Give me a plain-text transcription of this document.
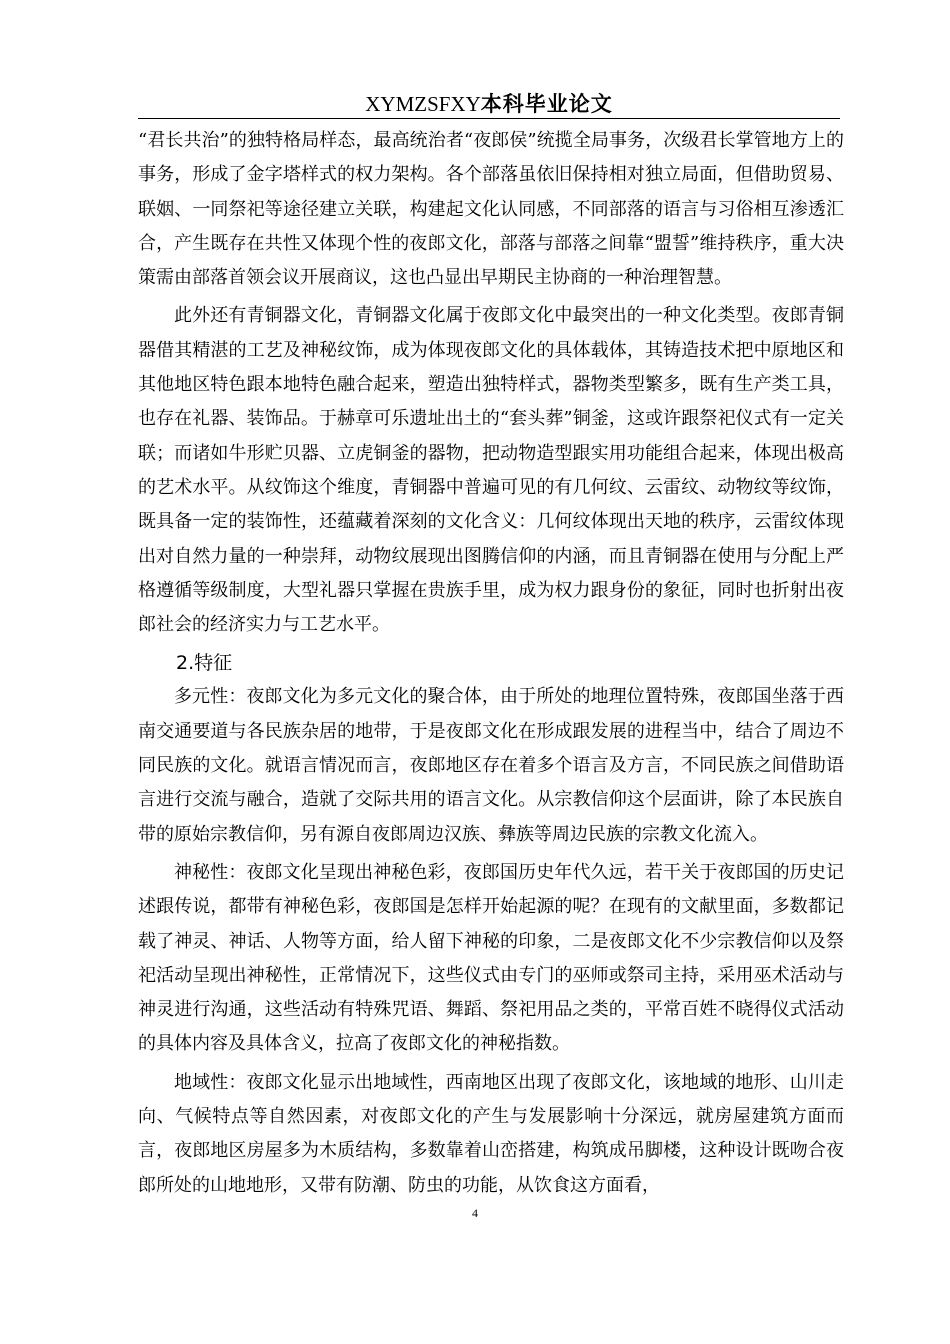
XYMZSFXY本科毕业论文

“君长共治”的独特格局样态，最高统治者“夜郎侯”统揽全局事务，次级君长掌管地方上的事务，形成了金字塔样式的权力架构。各个部落虽依旧保持相对独立局面，但借助贸易、联姻、一同祭祀等途径建立关联，构建起文化认同感，不同部落的语言与习俗相互渗透汇合，产生既存在共性又体现个性的夜郎文化，部落与部落之间靠“盟誓”维持秩序，重大决策需由部落首领会议开展商议，这也凸显出早期民主协商的一种治理智慧。

此外还有青铜器文化，青铜器文化属于夜郎文化中最突出的一种文化类型。夜郎青铜器借其精湛的工艺及神秘纹饰，成为体现夜郎文化的具体载体，其铸造技术把中原地区和其他地区特色跟本地特色融合起来，塑造出独特样式，器物类型繁多，既有生产类工具，也存在礼器、装饰品。于赫章可乐遗址出土的“套头葬”铜釜，这或许跟祭祀仪式有一定关联；而诸如牛形贮贝器、立虎铜釜的器物，把动物造型跟实用功能组合起来，体现出极高的艺术水平。从纹饰这个维度，青铜器中普遍可见的有几何纹、云雷纹、动物纹等纹饰，既具备一定的装饰性，还蕴藏着深刻的文化含义：几何纹体现出天地的秩序，云雷纹体现出对自然力量的一种崇拜，动物纹展现出图腾信仰的内涵，而且青铜器在使用与分配上严格遵循等级制度，大型礼器只掌握在贵族手里，成为权力跟身份的象征，同时也折射出夜郎社会的经济实力与工艺水平。

2.特征

多元性：夜郎文化为多元文化的聚合体，由于所处的地理位置特殊，夜郎国坐落于西南交通要道与各民族杂居的地带，于是夜郎文化在形成跟发展的进程当中，结合了周边不同民族的文化。就语言情况而言，夜郎地区存在着多个语言及方言，不同民族之间借助语言进行交流与融合，造就了交际共用的语言文化。从宗教信仰这个层面讲，除了本民族自带的原始宗教信仰，另有源自夜郎周边汉族、彝族等周边民族的宗教文化流入。

神秘性：夜郎文化呈现出神秘色彩，夜郎国历史年代久远，若干关于夜郎国的历史记述跟传说，都带有神秘色彩，夜郎国是怎样开始起源的呢？在现有的文献里面，多数都记载了神灵、神话、人物等方面，给人留下神秘的印象，二是夜郎文化不少宗教信仰以及祭祀活动呈现出神秘性，正常情况下，这些仪式由专门的巫师或祭司主持，采用巫术活动与神灵进行沟通，这些活动有特殊咒语、舞蹈、祭祀用品之类的，平常百姓不晓得仪式活动的具体内容及具体含义，拉高了夜郎文化的神秘指数。

地域性：夜郎文化显示出地域性，西南地区出现了夜郎文化，该地域的地形、山川走向、气候特点等自然因素，对夜郎文化的产生与发展影响十分深远，就房屋建筑方面而言，夜郎地区房屋多为木质结构，多数靠着山峦搭建，构筑成吊脚楼，这种设计既吻合夜郎所处的山地地形，又带有防潮、防虫的功能，从饮食这方面看，

4
